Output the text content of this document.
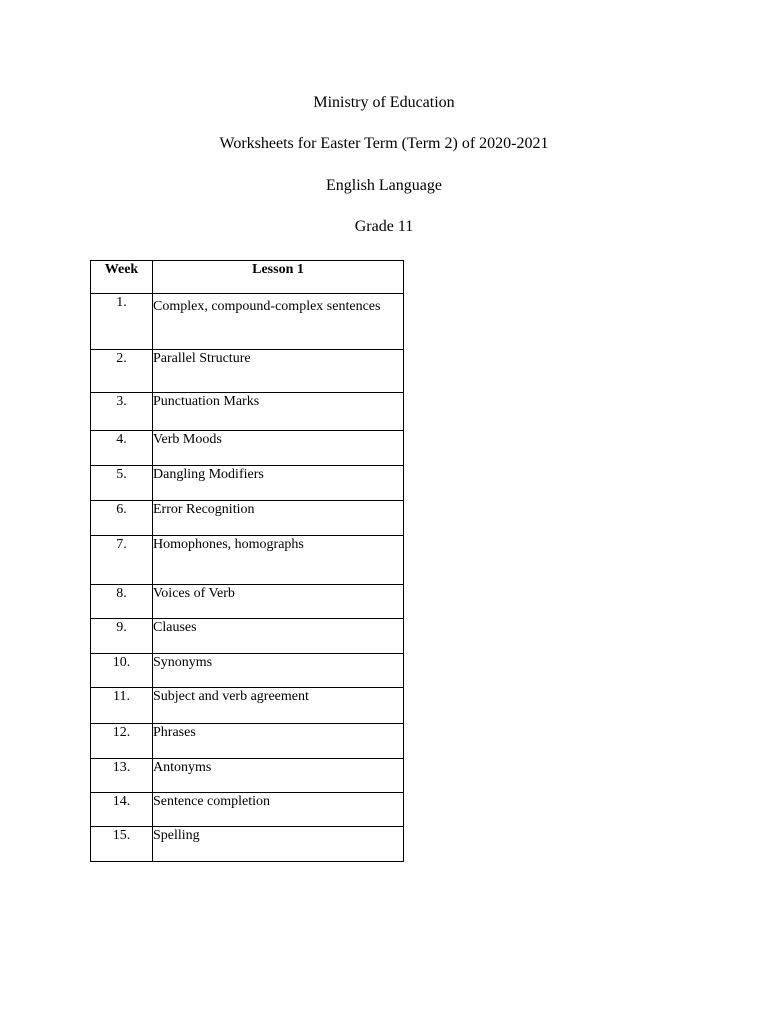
Ministry of Education

Worksheets for Easter Term (Term 2) of 2020-2021

English Language

Grade 11

Week	Lesson 1
1.	Complex, compound-complex sentences
2.	Parallel Structure
3.	Punctuation Marks
4.	Verb Moods
5.	Dangling Modifiers
6.	Error Recognition
7.	Homophones, homographs
8.	Voices of Verb
9.	Clauses
10.	Synonyms
11.	Subject and verb agreement
12.	Phrases
13.	Antonyms
14.	Sentence completion
15.	Spelling
